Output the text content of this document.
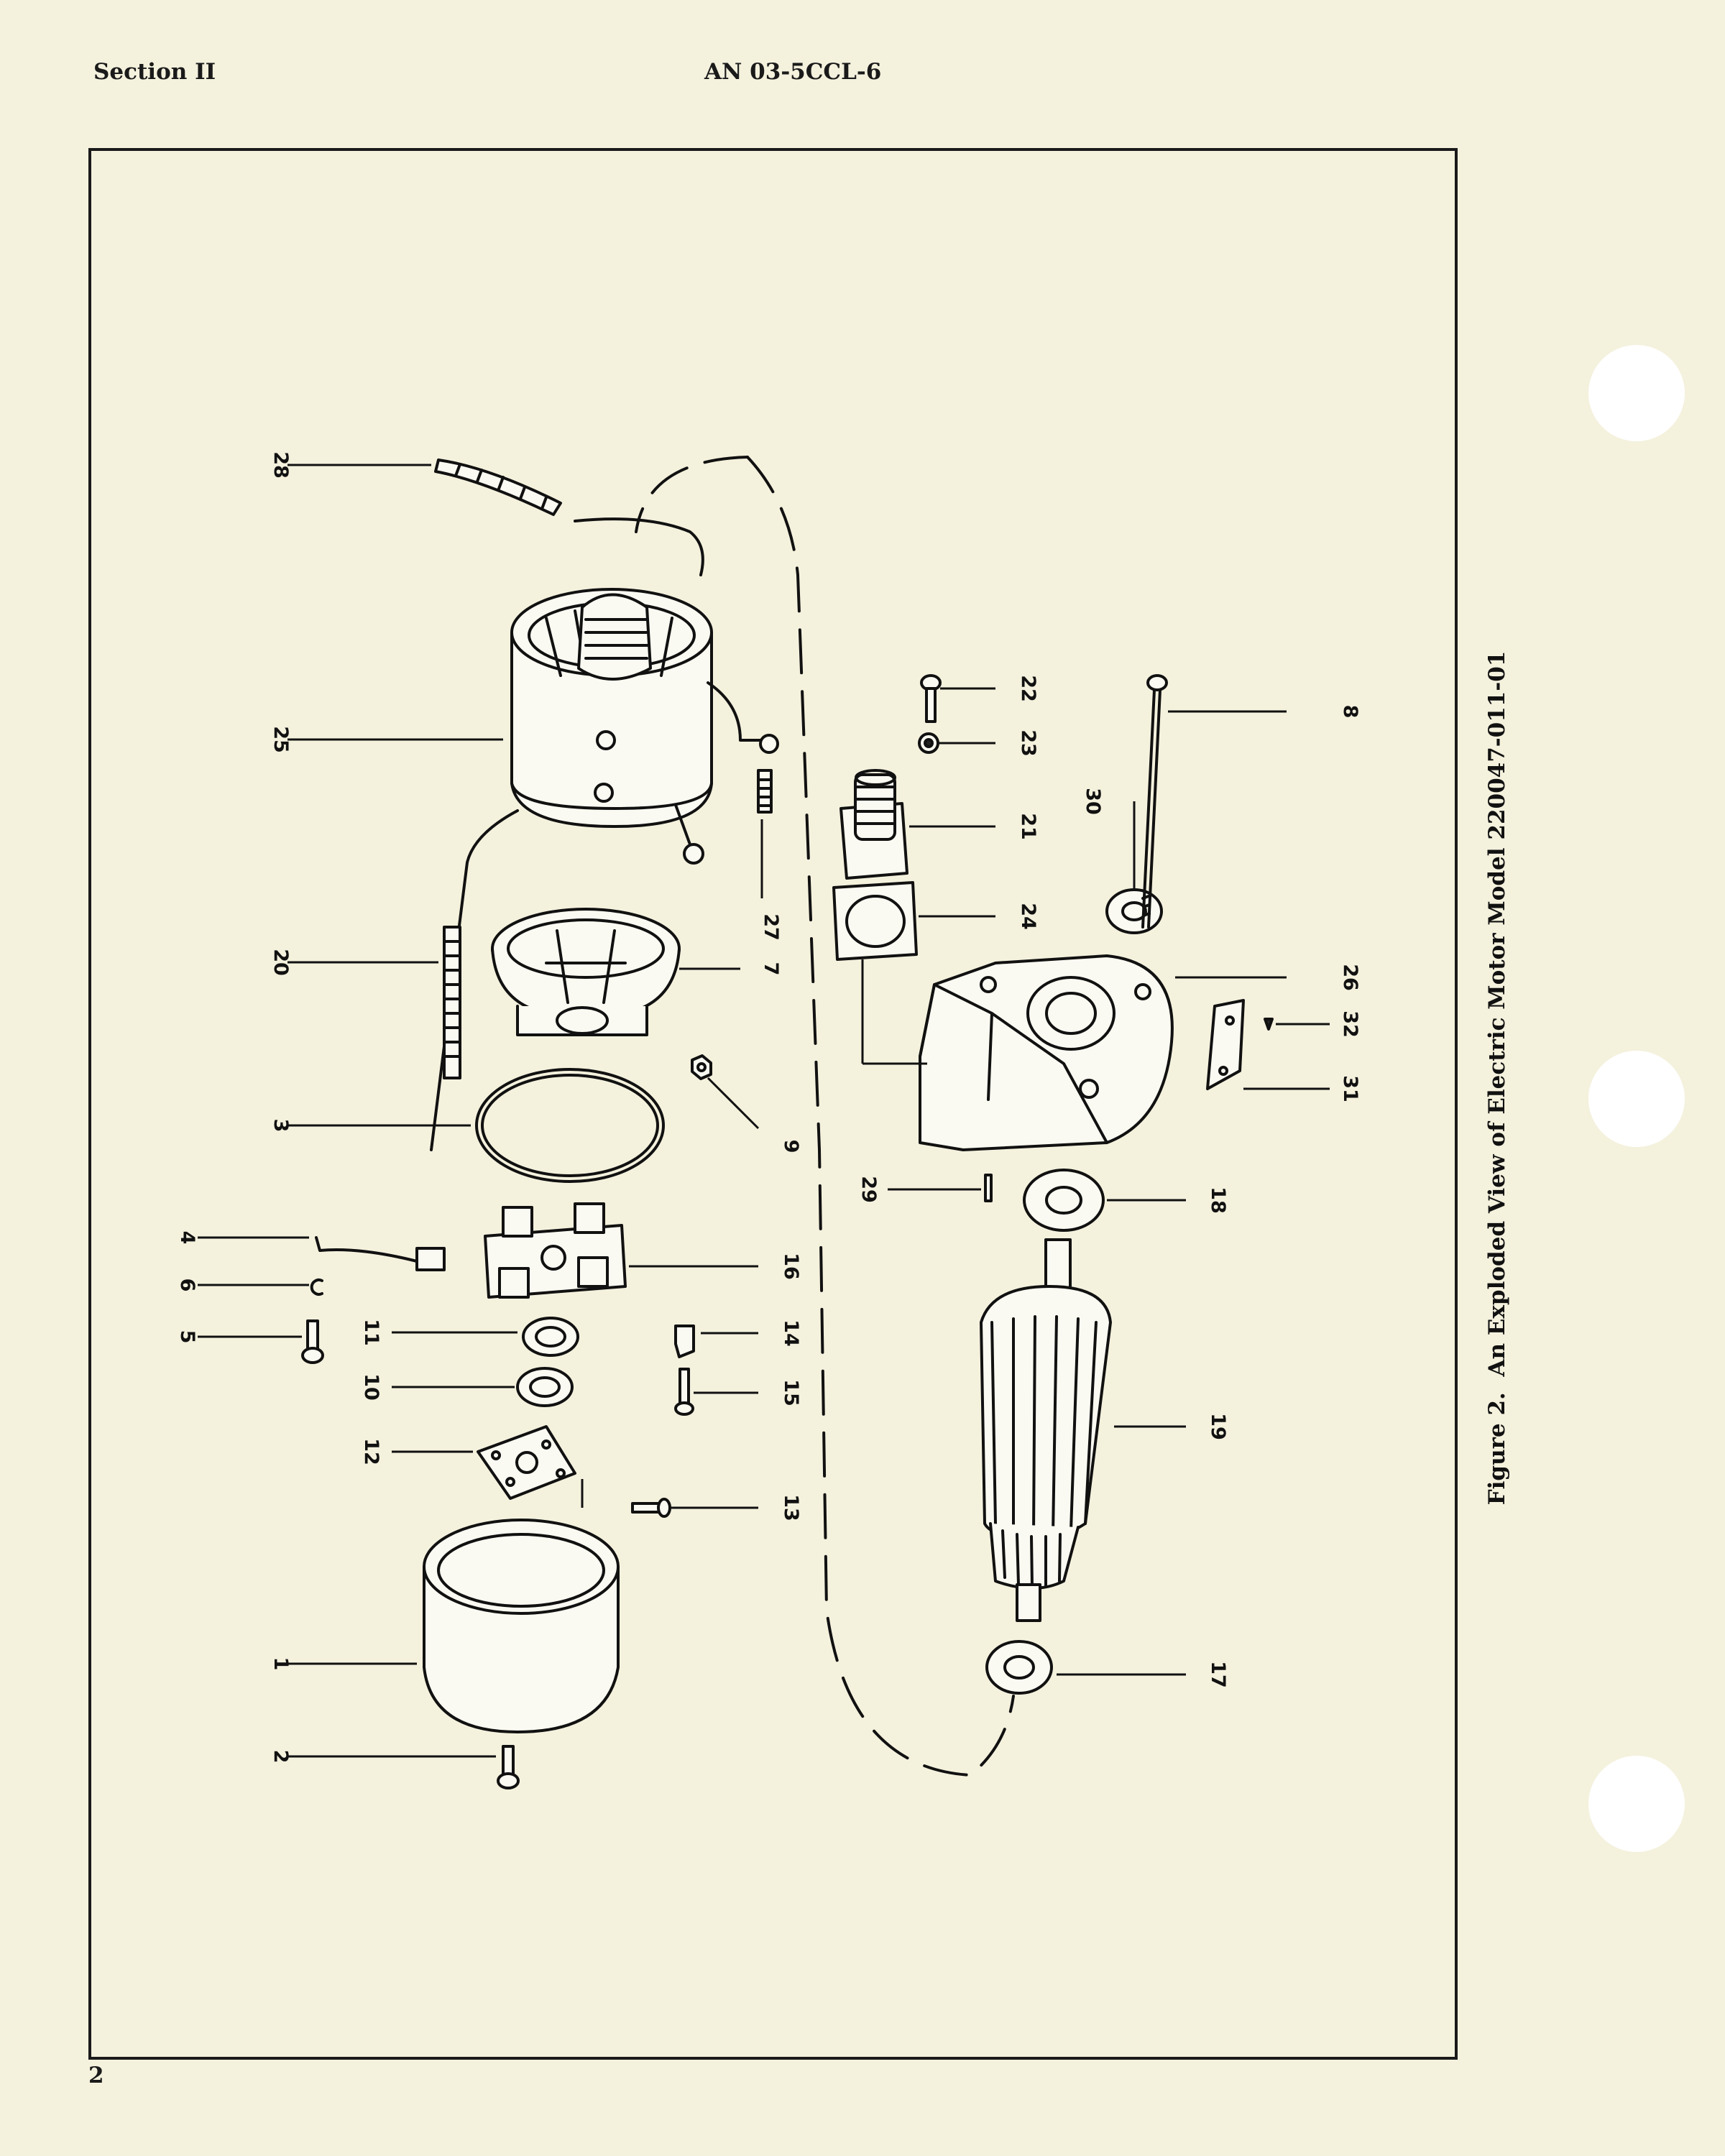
Section II	AN 03-5CCL-6

28
25
20
3
4
6
5	11
10
12
1
2
7
27
9
16
14
15
13
22
23
21
24
30
8
26
32
31
29	18
19
17
Figure 2.  An Exploded View of Electric Motor Model 220047-011-01

2
